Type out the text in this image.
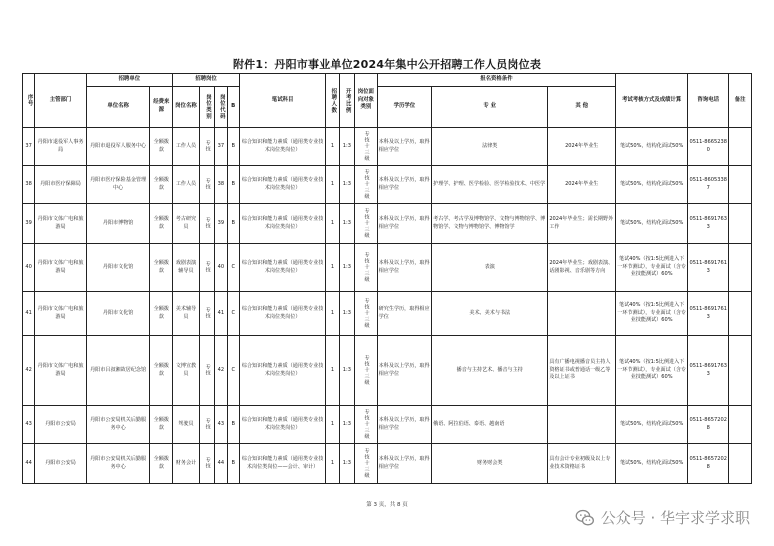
附件1：丹阳市事业单位2024年集中公开招聘工作人员岗位表
序号	主管部门	招聘单位		招聘岗位				笔试科目	招聘人数	开考比例	岗位面向对象类别	报名资格条件			考试考核方式及成绩计算	咨询电话	备注
		单位名称	经费来源	岗位名称	岗位类别	岗位代码	B					学历学位	专 业	其 他			
37	丹阳市退役军人事务局	丹阳市退役军人服务中心	全额拨款	工作人员	专技	37	B	综合知识和能力素质（通用类专业技术岗位类岗位）	1	1:3	专技十三级	本科及以上学历，取得相应学位	法律类	2024年毕业生	笔试50%，结构化面试50%	0511-86652380	
38	丹阳市医疗保障局	丹阳市医疗保险基金管理中心	全额拨款	工作人员	专技	38	B	综合知识和能力素质（通用类专业技术岗位类岗位）	1	1:3	专技十三级	本科及以上学历，取得相应学位	护理学、护理、医学检验、医学检验技术、中医学	2024年毕业生	笔试50%，结构化面试50%	0511-86053387	
39	丹阳市文体广电和旅游局	丹阳市博物馆	全额拨款	考古研究员	专技	39	B	综合知识和能力素质（通用类专业技术岗位类岗位）	1	1:3	专技十三级	本科及以上学历，取得相应学位	考古学、考古学及博物馆学、文物与博物馆学、博物馆学、文物与博物馆学、博物馆学	2024年毕业生；需长期野外工作	笔试50%，结构化面试50%	0511-86917633	
40	丹阳市文体广电和旅游局	丹阳市文化馆	全额拨款	戏剧表演辅导员	专技	40	C	综合知识和能力素质（通用类专业技术岗位类岗位）	1	1:3	专技十三级	本科及以上学历，取得相应学位	表演	2024年毕业生；戏剧表演、话剧影视、音乐剧等方向	笔试40%（按1:5比例进入下一环节测试），专业面试（含专业技能测试）60%	0511-86917613	
41	丹阳市文体广电和旅游局	丹阳市文化馆	全额拨款	美术辅导员	专技	41	C	综合知识和能力素质（通用类专业技术岗位类岗位）	1	1:3	专技十三级	研究生学历，取得相应学位	美术、美术与书法		笔试40%（按1:5比例进入下一环节测试），专业面试（含专业技能测试）60%	0511-86917613	
42	丹阳市文体广电和旅游局	丹阳市吕叔湘故居纪念馆	全额拨款	文博宣教员	专技	42	C	综合知识和能力素质（通用类专业技术岗位类岗位）	1	1:3	专技十三级	本科及以上学历，取得相应学位	播音与主持艺术、播音与主持	具有广播电视播音员主持人资格证书或普通话一级乙等及以上证书	笔试40%（按1:5比例进入下一环节测试），专业面试（含专业技能测试）60%	0511-86917633	
43	丹阳市公安局	丹阳市公安局机关后勤服务中心	全额拨款	驾驶员	专技	43	B	综合知识和能力素质（通用类专业技术岗位类岗位）	1	1:3	专技十三级	本科及以上学历，取得相应学位	俄语、阿拉伯语、泰语、越南语		笔试50%，结构化面试50%	0511-86572028	
44	丹阳市公安局	丹阳市公安局机关后勤服务中心	全额拨款	财务会计	专技	44	B	综合知识和能力素质（通用类专业技术岗位类岗位——会计、审计）	1	1:3	专技十三级	本科及以上学历，取得相应学位	财务财会类	具有会计专业初级及以上专业技术资格证书	笔试50%，结构化面试50%	0511-86572028	
第 3 页，共 8 页
公众号 · 华宇求学求职
